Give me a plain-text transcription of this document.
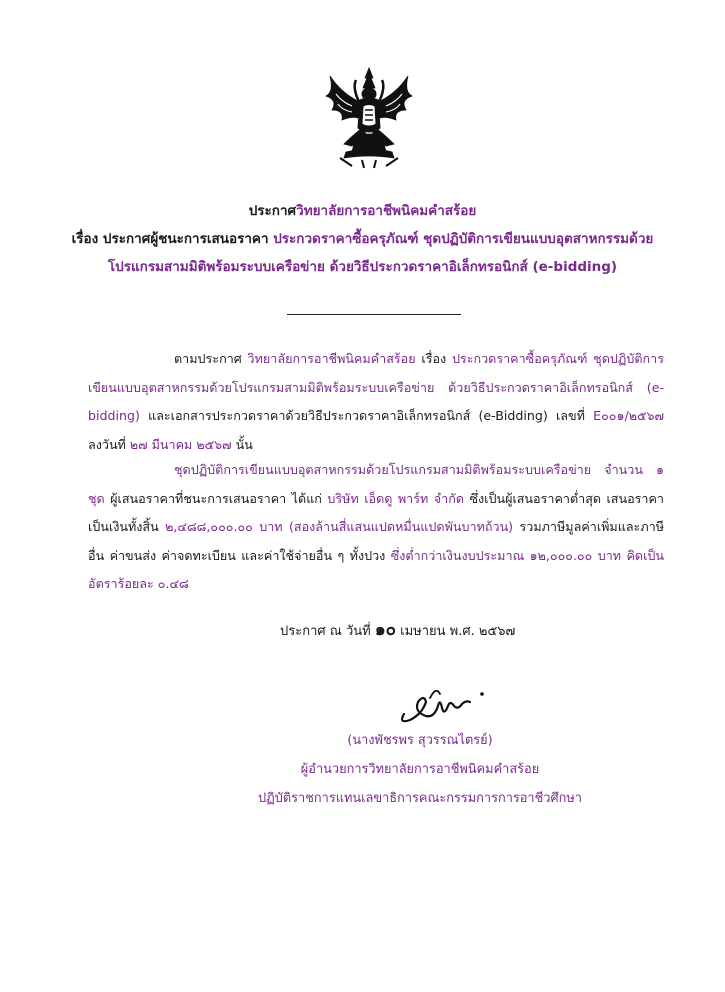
ประกาศวิทยาลัยการอาชีพนิคมคำสร้อย
เรื่อง ประกาศผู้ชนะการเสนอราคา ประกวดราคาซื้อครุภัณฑ์ ชุดปฏิบัติการเขียนแบบอุตสาหกรรมด้วย
โปรแกรมสามมิติพร้อมระบบเครือข่าย ด้วยวิธีประกวดราคาอิเล็กทรอนิกส์ (e-bidding)
ตามประกาศ วิทยาลัยการอาชีพนิคมคำสร้อย เรื่อง ประกวดราคาซื้อครุภัณฑ์ ชุดปฏิบัติการเขียนแบบอุตสาหกรรมด้วยโปรแกรมสามมิติพร้อมระบบเครือข่าย ด้วยวิธีประกวดราคาอิเล็กทรอนิกส์ (e-bidding) และเอกสารประกวดราคาด้วยวิธีประกวดราคาอิเล็กทรอนิกส์ (e-Bidding) เลขที่ E๐๐๑/๒๕๖๗ ลงวันที่ ๒๗ มีนาคม ๒๕๖๗ นั้น
ชุดปฏิบัติการเขียนแบบอุตสาหกรรมด้วยโปรแกรมสามมิติพร้อมระบบเครือข่าย จำนวน ๑ ชุด ผู้เสนอราคาที่ชนะการเสนอราคา ได้แก่ บริษัท เอ็ดดู พาร์ท จำกัด ซึ่งเป็นผู้เสนอราคาต่ำสุด เสนอราคาเป็นเงินทั้งสิ้น ๒,๔๘๘,๐๐๐.๐๐ บาท (สองล้านสี่แสนแปดหมื่นแปดพันบาทถ้วน) รวมภาษีมูลค่าเพิ่มและภาษีอื่น ค่าขนส่ง ค่าจดทะเบียน และค่าใช้จ่ายอื่น ๆ ทั้งปวง ซึ่งต่ำกว่าเงินงบประมาณ ๑๒,๐๐๐.๐๐ บาท คิดเป็นอัตราร้อยละ ๐.๔๘
ประกาศ ณ วันที่ ๑๐ เมษายน พ.ศ. ๒๕๖๗
(นางพัชรพร สุวรรณไตรย์)
ผู้อำนวยการวิทยาลัยการอาชีพนิคมคำสร้อย
ปฏิบัติราชการแทนเลขาธิการคณะกรรมการการอาชีวศึกษา
